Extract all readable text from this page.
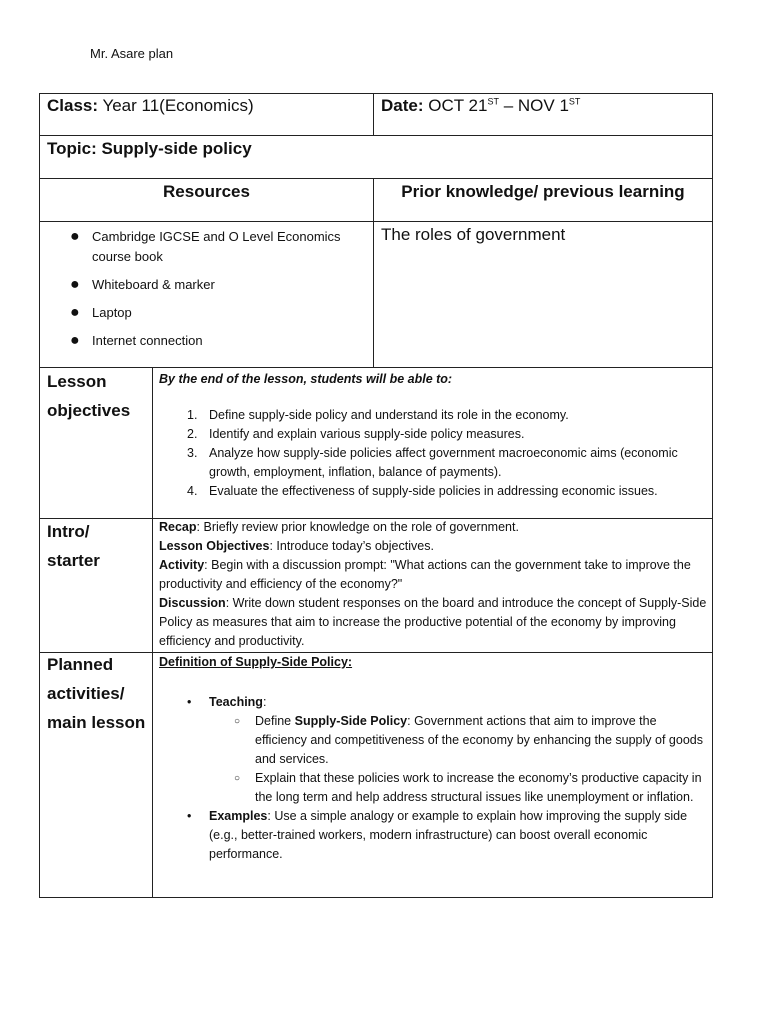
Mr. Asare plan
Class: Year 11(Economics)	Date: OCT 21ST – NOV 1ST
Topic: Supply-side policy
Resources	Prior knowledge/ previous learning
● Cambridge IGCSE and O Level Economics course book
● Whiteboard & marker
● Laptop
● Internet connection
The roles of government
Lesson
objectives
By the end of the lesson, students will be able to:
1. Define supply-side policy and understand its role in the economy.
2. Identify and explain various supply-side policy measures.
3. Analyze how supply-side policies affect government macroeconomic aims (economic growth, employment, inflation, balance of payments).
4. Evaluate the effectiveness of supply-side policies in addressing economic issues.
Intro/
starter
Recap: Briefly review prior knowledge on the role of government.
Lesson Objectives: Introduce today’s objectives.
Activity: Begin with a discussion prompt: "What actions can the government take to improve the productivity and efficiency of the economy?"
Discussion: Write down student responses on the board and introduce the concept of Supply-Side Policy as measures that aim to increase the productive potential of the economy by improving efficiency and productivity.
Planned
activities/
main lesson
Definition of Supply-Side Policy:
• Teaching:
○ Define Supply-Side Policy: Government actions that aim to improve the efficiency and competitiveness of the economy by enhancing the supply of goods and services.
○ Explain that these policies work to increase the economy’s productive capacity in the long term and help address structural issues like unemployment or inflation.
• Examples: Use a simple analogy or example to explain how improving the supply side (e.g., better-trained workers, modern infrastructure) can boost overall economic performance.
